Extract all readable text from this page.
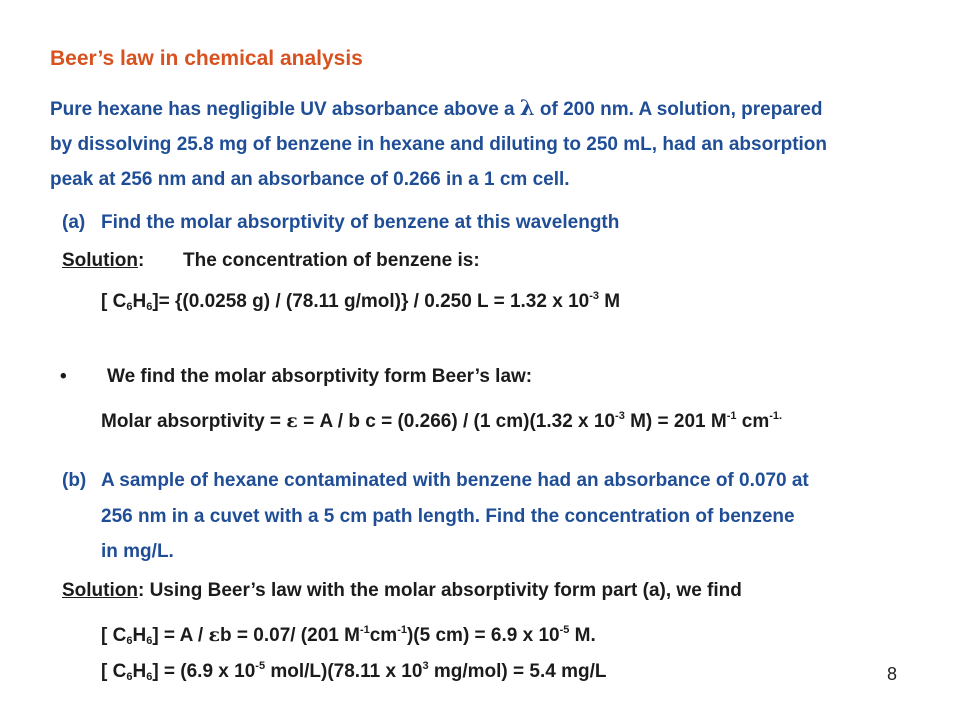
Beer’s law in chemical analysis
Pure hexane has negligible UV absorbance above a λ of 200 nm. A solution, prepared
by dissolving 25.8 mg of benzene in hexane and diluting to 250 mL, had an absorption
peak at 256 nm and an absorbance of 0.266 in a 1 cm cell.
(a) Find the molar absorptivity of benzene at this wavelength
Solution: The concentration of benzene is:
[ $C_6H_6]= \{(0.0258$ g) / (78.11 g/mol)} / 0.250 L = 1.32 x $10^{-3}$ M
• We find the molar absorptivity form Beer’s law:
Molar absorptivity = ε = A / b c = (0.266) / (1 cm)(1.32 x $10^{-3}$ M) = 201 $M^{-1}$ $cm^{-1.}$
(b) A sample of hexane contaminated with benzene had an absorbance of 0.070 at
256 nm in a cuvet with a 5 cm path length. Find the concentration of benzene
in mg/L.
Solution: Using Beer’s law with the molar absorptivity form part (a), we find
[ $C_6H_6] = A / \varepsilon b = 0.07/$ (201 $M^{-1}cm^{-1})(5$ cm) = 6.9 x $10^{-5}$ M.
[ $C_6H_6] = (6.9$ x $10^{-5}$ mol/L)(78.11 x $10^3$ mg/mol) = 5.4 mg/L	8
